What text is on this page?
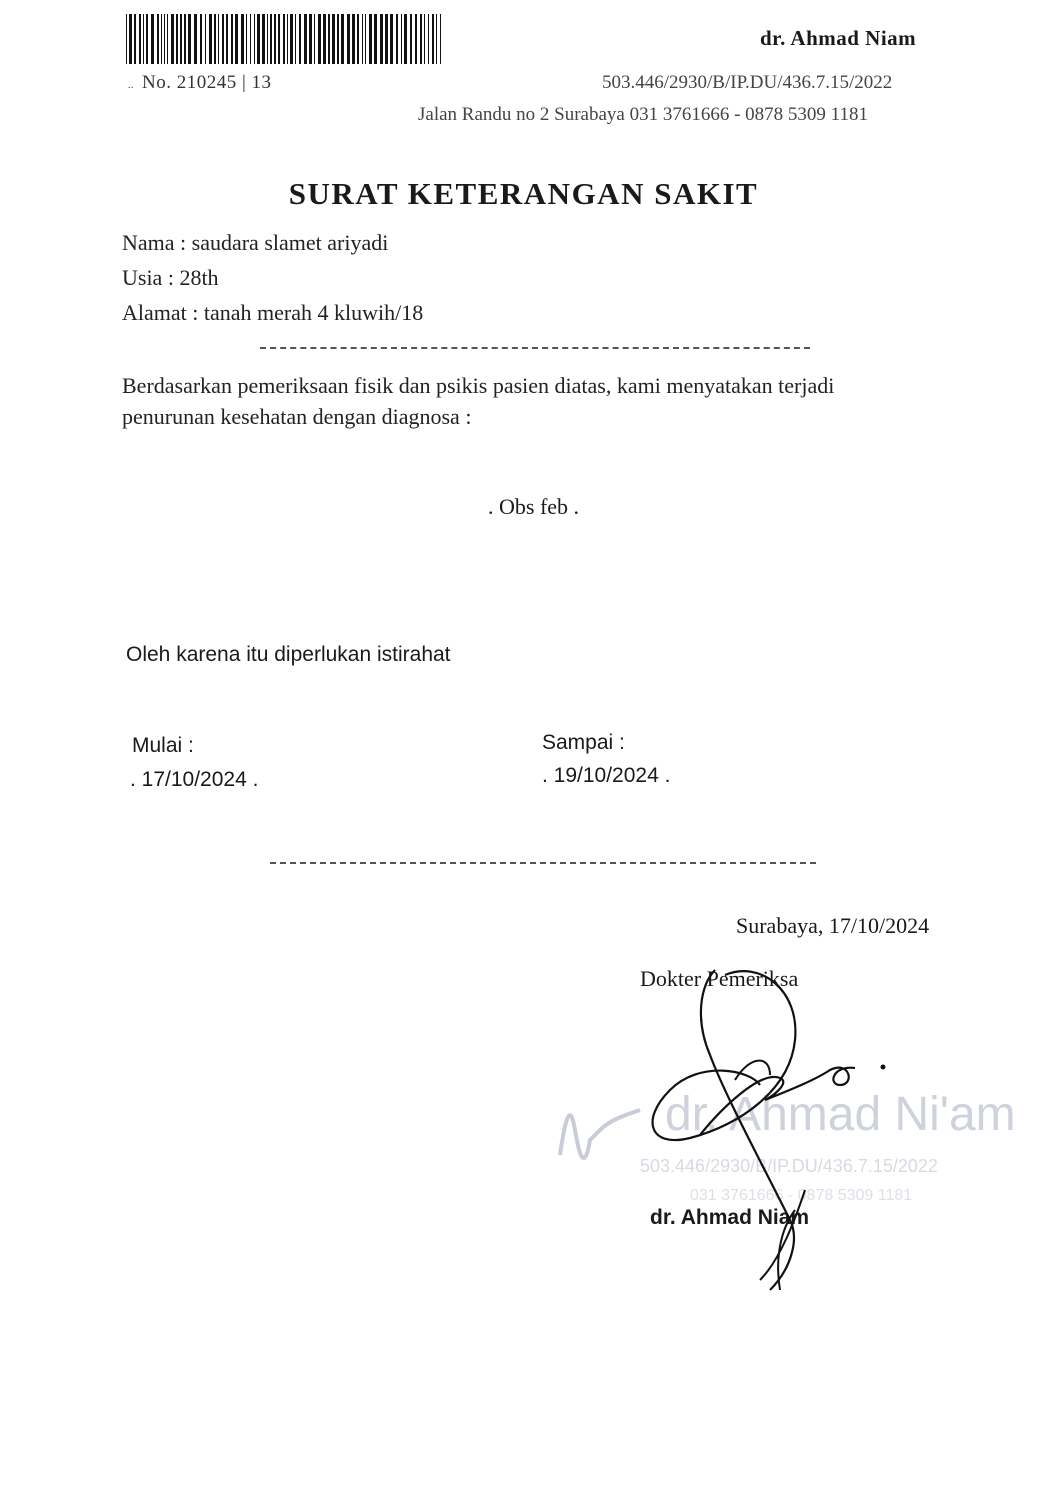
.. No. 210245 | 13
dr. Ahmad Niam
503.446/2930/B/IP.DU/436.7.15/2022
Jalan Randu no 2 Surabaya 031 3761666 - 0878 5309 1181
SURAT KETERANGAN SAKIT
Nama : saudara slamet ariyadi
Usia : 28th
Alamat : tanah merah 4 kluwih/18
Berdasarkan pemeriksaan fisik dan psikis pasien diatas, kami menyatakan terjadi
penurunan kesehatan dengan diagnosa :
. Obs feb .
Oleh karena itu diperlukan istirahat
Mulai :
. 17/10/2024 .
Sampai :
. 19/10/2024 .
Surabaya, 17/10/2024
Dokter Pemeriksa
dr. Ahmad Ni'am
503.446/2930/B/IP.DU/436.7.15/2022
031 3761666 - 0878 5309 1181
dr. Ahmad Niam
